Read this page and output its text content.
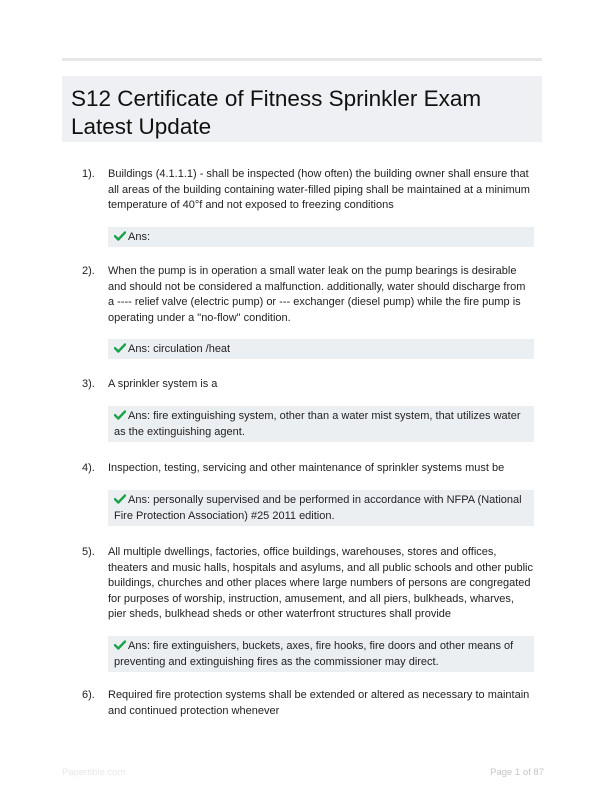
S12 Certificate of Fitness Sprinkler Exam Latest Update
1). Buildings (4.1.1.1) - shall be inspected (how often) the building owner shall ensure that all areas of the building containing water-filled piping shall be maintained at a minimum temperature of 40°f and not exposed to freezing conditions
Ans:
2). When the pump is in operation a small water leak on the pump bearings is desirable and should not be considered a malfunction. additionally, water should discharge from a ---- relief valve (electric pump) or --- exchanger (diesel pump) while the fire pump is operating under a "no-flow" condition.
Ans: circulation /heat
3). A sprinkler system is a
Ans: fire extinguishing system, other than a water mist system, that utilizes water as the extinguishing agent.
4). Inspection, testing, servicing and other maintenance of sprinkler systems must be
Ans: personally supervised and be performed in accordance with NFPA (National Fire Protection Association) #25 2011 edition.
5). All multiple dwellings, factories, office buildings, warehouses, stores and offices, theaters and music halls, hospitals and asylums, and all public schools and other public buildings, churches and other places where large numbers of persons are congregated for purposes of worship, instruction, amusement, and all piers, bulkheads, wharves, pier sheds, bulkhead sheds or other waterfront structures shall provide
Ans: fire extinguishers, buckets, axes, fire hooks, fire doors and other means of preventing and extinguishing fires as the commissioner may direct.
6). Required fire protection systems shall be extended or altered as necessary to maintain and continued protection whenever
Papertible.com	Page 1 of 87
